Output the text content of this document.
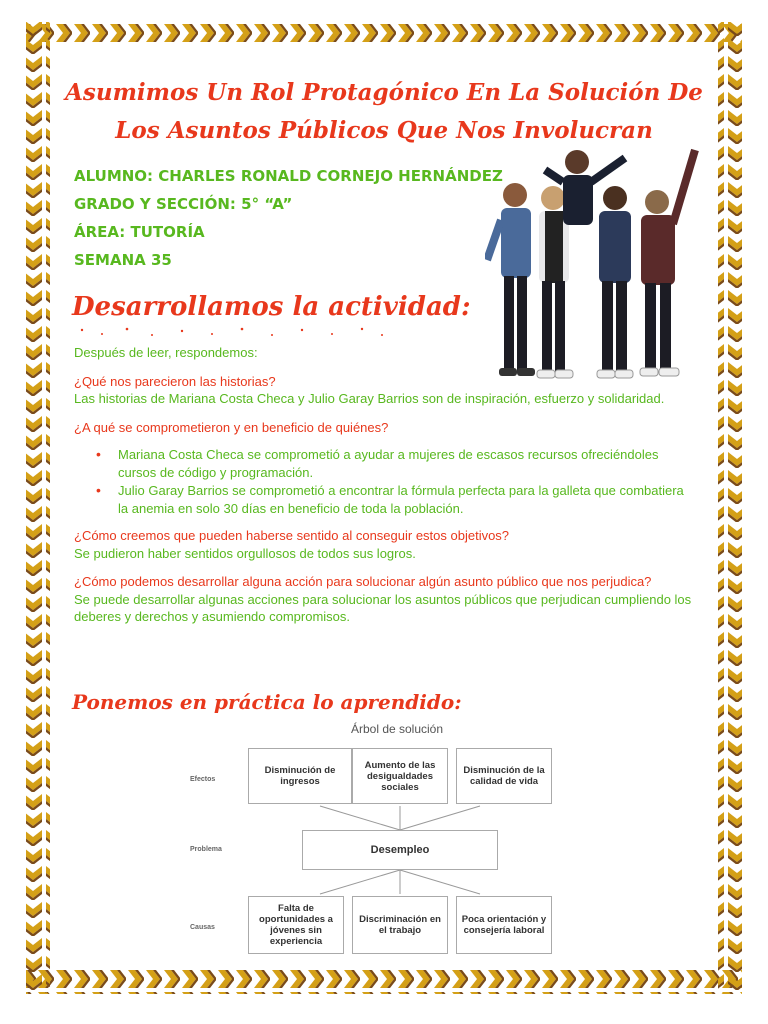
Asumimos Un Rol Protagónico En La Solución De
Los Asuntos Públicos Que Nos Involucran
ALUMNO: CHARLES RONALD CORNEJO HERNÁNDEZ
GRADO Y SECCIÓN: 5° “A”
ÁREA: TUTORÍA
SEMANA 35
Desarrollamos la actividad:
Después de leer, respondemos:
¿Qué nos parecieron las historias?
Las historias de Mariana Costa Checa y Julio Garay Barrios son de inspiración, esfuerzo y solidaridad.
¿A qué se comprometieron y en beneficio de quiénes?
• Mariana Costa Checa se comprometió a ayudar a mujeres de escasos recursos ofreciéndoles cursos de código y programación.
• Julio Garay Barrios se comprometió a encontrar la fórmula perfecta para la galleta que combatiera la anemia en solo 30 días en beneficio de toda la población.
¿Cómo creemos que pueden haberse sentido al conseguir estos objetivos?
Se pudieron haber sentidos orgullosos de todos sus logros.
¿Cómo podemos desarrollar alguna acción para solucionar algún asunto público que nos perjudica?
Se puede desarrollar algunas acciones para solucionar los asuntos públicos que perjudican cumpliendo los deberes y derechos y asumiendo compromisos.
Ponemos en práctica lo aprendido:
Árbol de solución
Efectos
Problema
Causas
Disminución de ingresos
Aumento de las desigualdades sociales
Disminución de la calidad de vida
Desempleo
Falta de oportunidades a jóvenes sin experiencia
Discriminación en el trabajo
Poca orientación y consejería laboral
